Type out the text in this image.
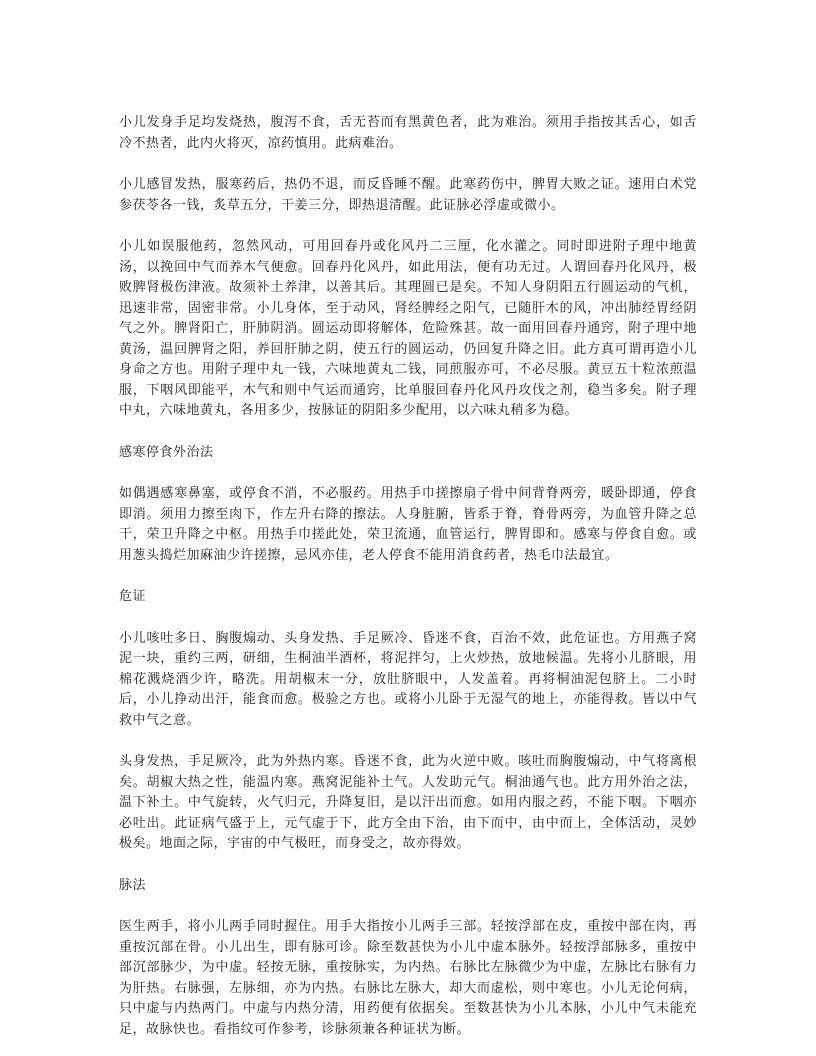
小儿发身手足均发烧热，腹泻不食，舌无苔而有黑黄色者，此为难治。须用手指按其舌心，如舌冷不热者，此内火将灭，凉药慎用。此病难治。

小儿感冒发热，服寒药后，热仍不退，而反昏睡不醒。此寒药伤中，脾胃大败之证。速用白术党参茯苓各一钱，炙草五分，干姜三分，即热退清醒。此证脉必浮虚或微小。

小儿如误服他药，忽然风动，可用回春丹或化风丹二三厘，化水灌之。同时即进附子理中地黄汤，以挽回中气而养木气便愈。回春丹化风丹，如此用法，便有功无过。人谓回春丹化风丹，极败脾肾极伤津液。故须补土养津，以善其后。其理圆已是矣。不知人身阴阳五行圆运动的气机，迅速非常，固密非常。小儿身体，至于动风，肾经脾经之阳气，已随肝木的风，冲出肺经胃经阴气之外。脾肾阳亡，肝肺阴消。圆运动即将解体，危险殊甚。故一面用回春丹通窍，附子理中地黄汤，温回脾肾之阳，养回肝肺之阴，使五行的圆运动，仍回复升降之旧。此方真可谓再造小儿身命之方也。用附子理中丸一钱，六味地黄丸二钱，同煎服亦可，不必尽服。黄豆五十粒浓煎温服，下咽风即能平，木气和则中气运而通窍，比单服回春丹化风丹攻伐之剂，稳当多矣。附子理中丸，六味地黄丸，各用多少，按脉证的阴阳多少配用，以六味丸稍多为稳。

感寒停食外治法

如偶遇感寒鼻塞，或停食不消，不必服药。用热手巾搓擦扇子骨中间背脊两旁，暖卧即通，停食即消。须用力擦至肉下，作左升右降的擦法。人身脏腑，皆系于脊，脊骨两旁，为血管升降之总干，荣卫升降之中枢。用热手巾搓此处，荣卫流通，血管运行，脾胃即和。感寒与停食自愈。或用葱头捣烂加麻油少许搓擦，忌风亦佳，老人停食不能用消食药者，热毛巾法最宜。

危证

小儿咳吐多日、胸腹煽动、头身发热、手足厥冷、昏迷不食，百治不效，此危证也。方用燕子窝泥一块，重约三两，研细，生桐油半酒杯，将泥拌匀，上火炒热，放地候温。先将小儿脐眼，用棉花溅烧酒少许，略洗。用胡椒末一分，放肚脐眼中，人发盖着。再将桐油泥包脐上。二小时后，小儿挣动出汗，能食而愈。极验之方也。或将小儿卧于无湿气的地上，亦能得救。皆以中气救中气之意。

头身发热，手足厥冷，此为外热内寒。昏迷不食，此为火逆中败。咳吐而胸腹煽动，中气将离根矣。胡椒大热之性，能温内寒。燕窝泥能补土气。人发助元气。桐油通气也。此方用外治之法，温下补土。中气旋转，火气归元，升降复旧，是以汗出而愈。如用内服之药，不能下咽。下咽亦必吐出。此证病气盛于上，元气虚于下，此方全由下治，由下而中，由中而上，全体活动，灵妙极矣。地面之际，宇宙的中气极旺，而身受之，故亦得效。

脉法

医生两手，将小儿两手同时握住。用手大指按小儿两手三部。轻按浮部在皮，重按中部在肉，再重按沉部在骨。小儿出生，即有脉可诊。除至数甚快为小儿中虚本脉外。轻按浮部脉多，重按中部沉部脉少，为中虚。轻按无脉，重按脉实，为内热。右脉比左脉微少为中虚，左脉比右脉有力为肝热。右脉强，左脉细，亦为内热。右脉比左脉大，却大而虚松，则中寒也。小儿无论何病，只中虚与内热两门。中虚与内热分清，用药便有依据矣。至数甚快为小儿本脉，小儿中气未能充足，故脉快也。看指纹可作参考，诊脉须兼各种证状为断。
